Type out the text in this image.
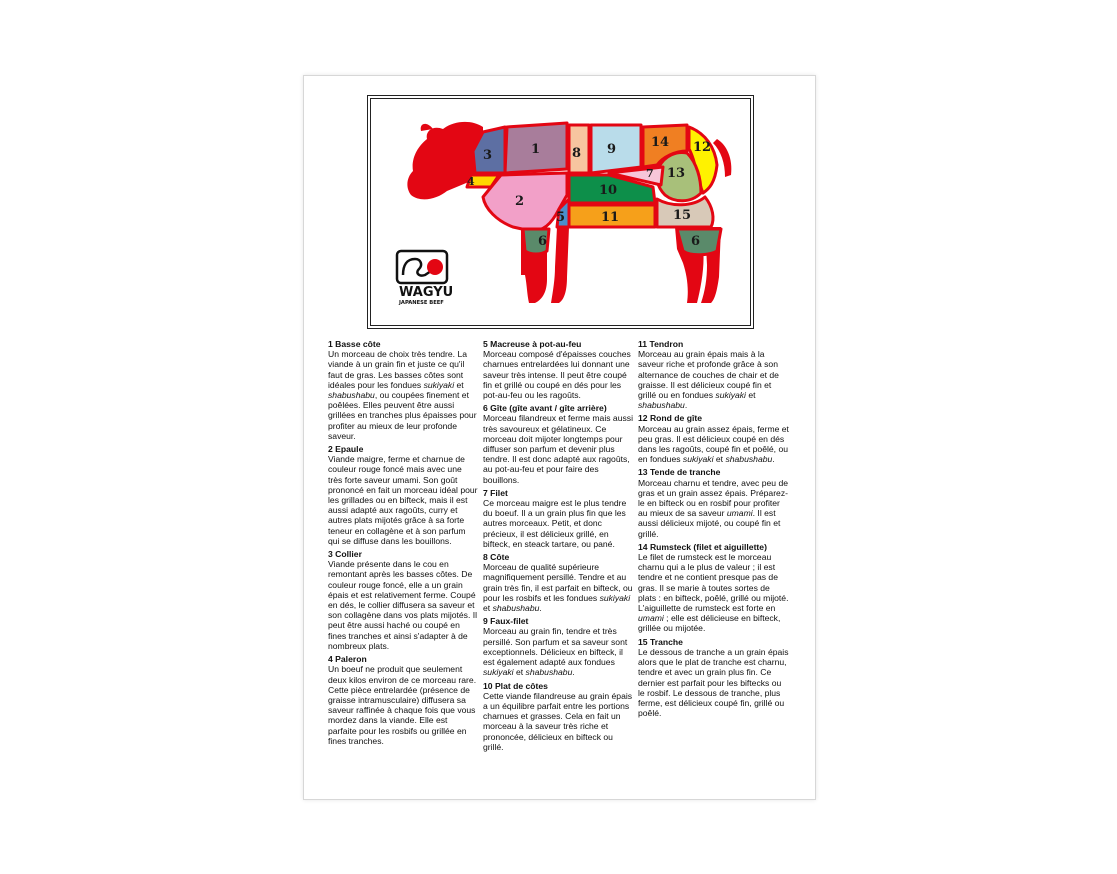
3
4
1 8 9	14 12
7 13
2
5
10
11	15
6	6
WAGYU
JAPANESE BEEF
1 Basse côte
Un morceau de choix très tendre. La viande à un grain fin et juste ce qu'il faut de gras. Les basses côtes sont idéales pour les fondues sukiyaki et shabushabu, ou coupées finement et poêlées. Elles peuvent être aussi grillées en tranches plus épaisses pour profiter au mieux de leur profonde saveur.
2 Epaule
Viande maigre, ferme et charnue de couleur rouge foncé mais avec une très forte saveur umami. Son goût prononcé en fait un morceau idéal pour les grillades ou en bifteck, mais il est aussi adapté aux ragoûts, curry et autres plats mijotés grâce à sa forte teneur en collagène et à son parfum qui se diffuse dans les bouillons.
3 Collier
Viande présente dans le cou en remontant après les basses côtes. De couleur rouge foncé, elle a un grain épais et est relativement ferme. Coupé en dés, le collier diffusera sa saveur et son collagène dans vos plats mijotés. Il peut être aussi haché ou coupé en fines tranches et ainsi s'adapter à de nombreux plats.
4 Paleron
Un boeuf ne produit que seulement deux kilos environ de ce morceau rare. Cette pièce entrelardée (présence de graisse intramusculaire) diffusera sa saveur raffinée à chaque fois que vous mordez dans la viande. Elle est parfaite pour les rosbifs ou grillée en fines tranches.
5 Macreuse à pot-au-feu
Morceau composé d'épaisses couches charnues entrelardées lui donnant une saveur très intense. Il peut être coupé fin et grillé ou coupé en dés pour les pot-au-feu ou les ragoûts.
6 Gîte (gîte avant / gîte arrière)
Morceau filandreux et ferme mais aussi très savoureux et gélatineux. Ce morceau doit mijoter longtemps pour diffuser son parfum et devenir plus tendre. Il est donc adapté aux ragoûts, au pot-au-feu et pour faire des bouillons.
7 Filet
Ce morceau maigre est le plus tendre du boeuf. Il a un grain plus fin que les autres morceaux. Petit, et donc précieux, il est délicieux grillé, en bifteck, en steack tartare, ou pané.
8 Côte
Morceau de qualité supérieure magnifiquement persillé. Tendre et au grain très fin, il est parfait en bifteck, ou pour les rosbifs et les fondues sukiyaki et shabushabu.
9 Faux-filet
Morceau au grain fin, tendre et très persillé. Son parfum et sa saveur sont exceptionnels. Délicieux en bifteck, il est également adapté aux fondues sukiyaki et shabushabu.
10 Plat de côtes
Cette viande filandreuse au grain épais a un équilibre parfait entre les portions charnues et grasses. Cela en fait un morceau à la saveur très riche et prononcée, délicieux en bifteck ou grillé.
11 Tendron
Morceau au grain épais mais à la saveur riche et profonde grâce à son alternance de couches de chair et de graisse. Il est délicieux coupé fin et grillé ou en fondues sukiyaki et shabushabu.
12 Rond de gîte
Morceau au grain assez épais, ferme et peu gras. Il est délicieux coupé en dés dans les ragoûts, coupé fin et poêlé, ou en fondues sukiyaki et shabushabu.
13 Tende de tranche
Morceau charnu et tendre, avec peu de gras et un grain assez épais. Préparez-le en bifteck ou en rosbif pour profiter au mieux de sa saveur umami. Il est aussi délicieux mijoté, ou coupé fin et grillé.
14 Rumsteck (filet et aiguillette)
Le filet de rumsteck est le morceau charnu qui a le plus de valeur ; il est tendre et ne contient presque pas de gras. Il se marie à toutes sortes de plats : en bifteck, poêlé, grillé ou mijoté. L'aiguillette de rumsteck est forte en umami ; elle est délicieuse en bifteck, grillée ou mijotée.
15 Tranche
Le dessous de tranche a un grain épais alors que le plat de tranche est charnu, tendre et avec un grain plus fin. Ce dernier est parfait pour les biftecks ou le rosbif. Le dessous de tranche, plus ferme, est délicieux coupé fin, grillé ou poêlé.
